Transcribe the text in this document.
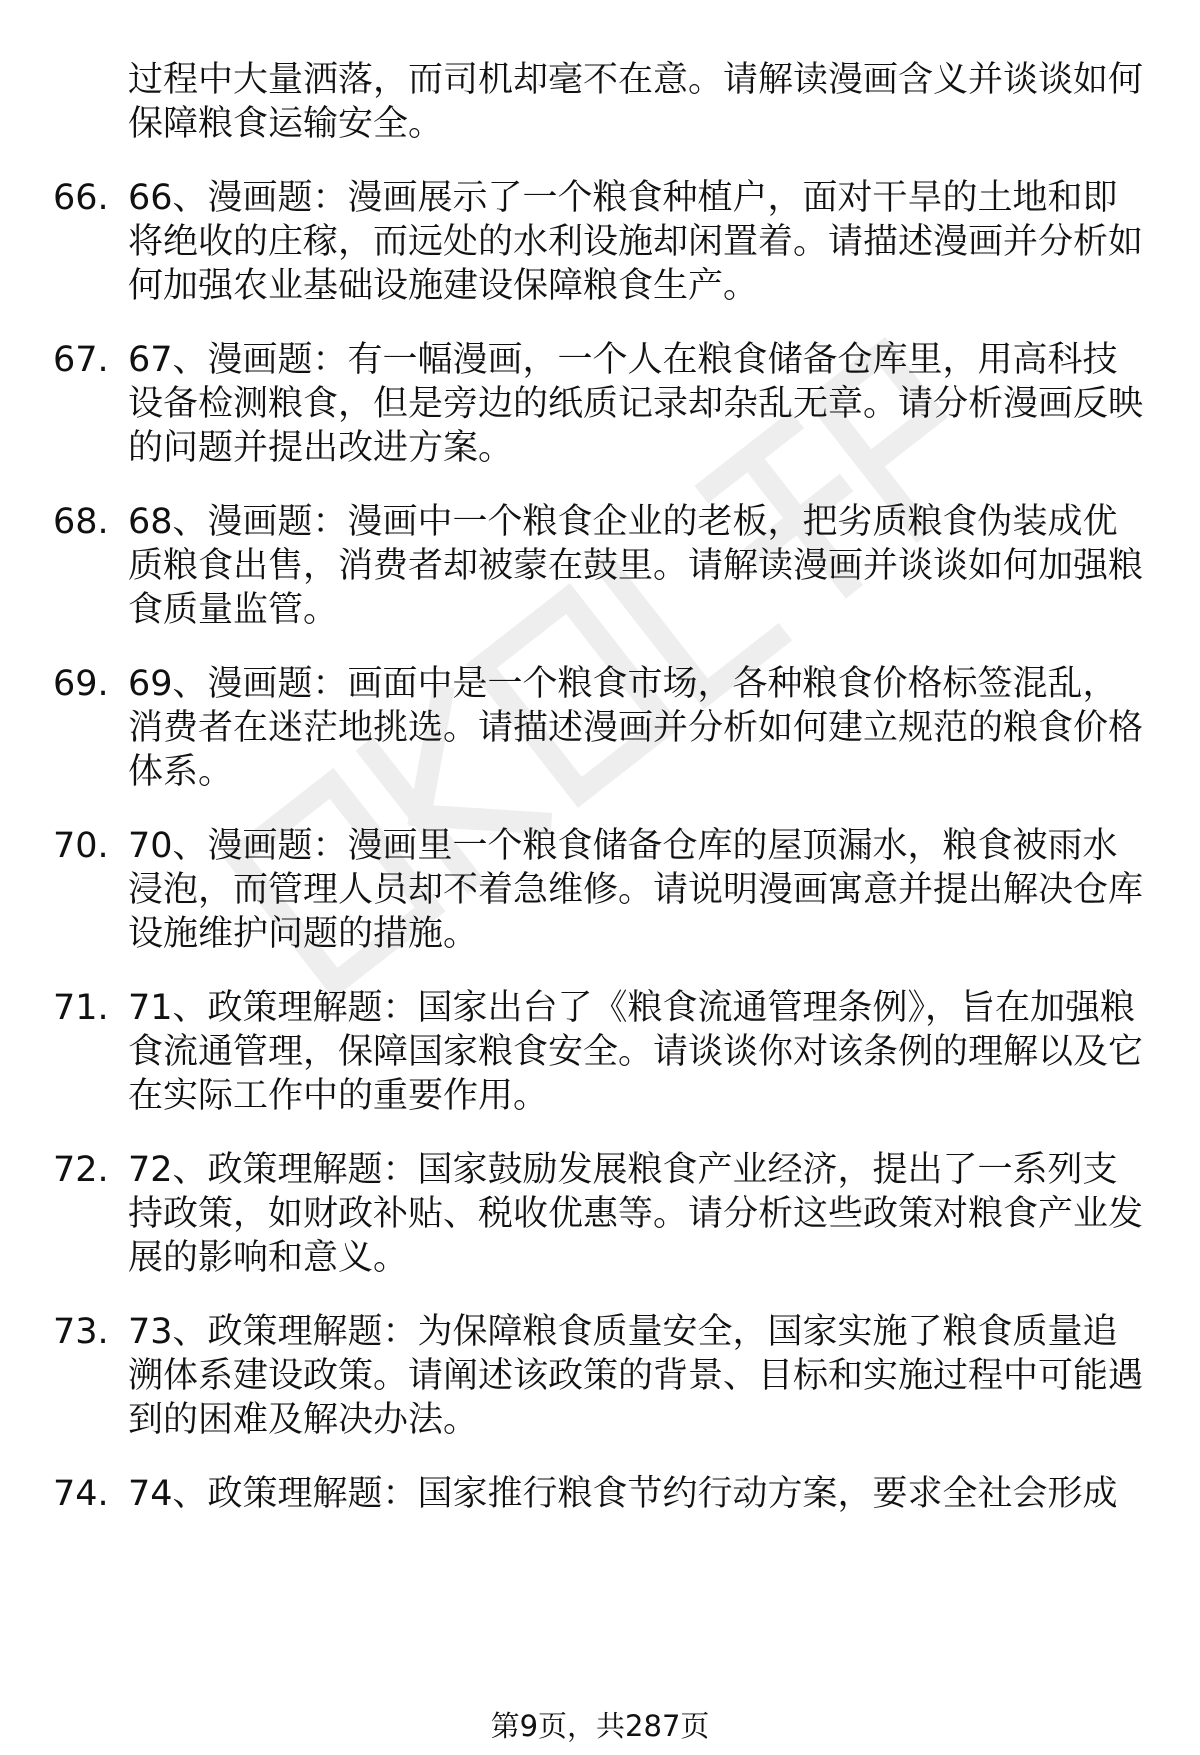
过程中大量洒落，而司机却毫不在意。请解读漫画含义并谈谈如何保障粮食运输安全。
66. 66、漫画题：漫画展示了一个粮食种植户，面对干旱的土地和即将绝收的庄稼，而远处的水利设施却闲置着。请描述漫画并分析如何加强农业基础设施建设保障粮食生产。
67. 67、漫画题：有一幅漫画，一个人在粮食储备仓库里，用高科技设备检测粮食，但是旁边的纸质记录却杂乱无章。请分析漫画反映的问题并提出改进方案。
68. 68、漫画题：漫画中一个粮食企业的老板，把劣质粮食伪装成优质粮食出售，消费者却被蒙在鼓里。请解读漫画并谈谈如何加强粮食质量监管。
69. 69、漫画题：画面中是一个粮食市场，各种粮食价格标签混乱，消费者在迷茫地挑选。请描述漫画并分析如何建立规范的粮食价格体系。
70. 70、漫画题：漫画里一个粮食储备仓库的屋顶漏水，粮食被雨水浸泡，而管理人员却不着急维修。请说明漫画寓意并提出解决仓库设施维护问题的措施。
71. 71、政策理解题：国家出台了《粮食流通管理条例》，旨在加强粮食流通管理，保障国家粮食安全。请谈谈你对该条例的理解以及它在实际工作中的重要作用。
72. 72、政策理解题：国家鼓励发展粮食产业经济，提出了一系列支持政策，如财政补贴、税收优惠等。请分析这些政策对粮食产业发展的影响和意义。
73. 73、政策理解题：为保障粮食质量安全，国家实施了粮食质量追溯体系建设政策。请阐述该政策的背景、目标和实施过程中可能遇到的困难及解决办法。
74. 74、政策理解题：国家推行粮食节约行动方案，要求全社会形成
第9页，共287页
